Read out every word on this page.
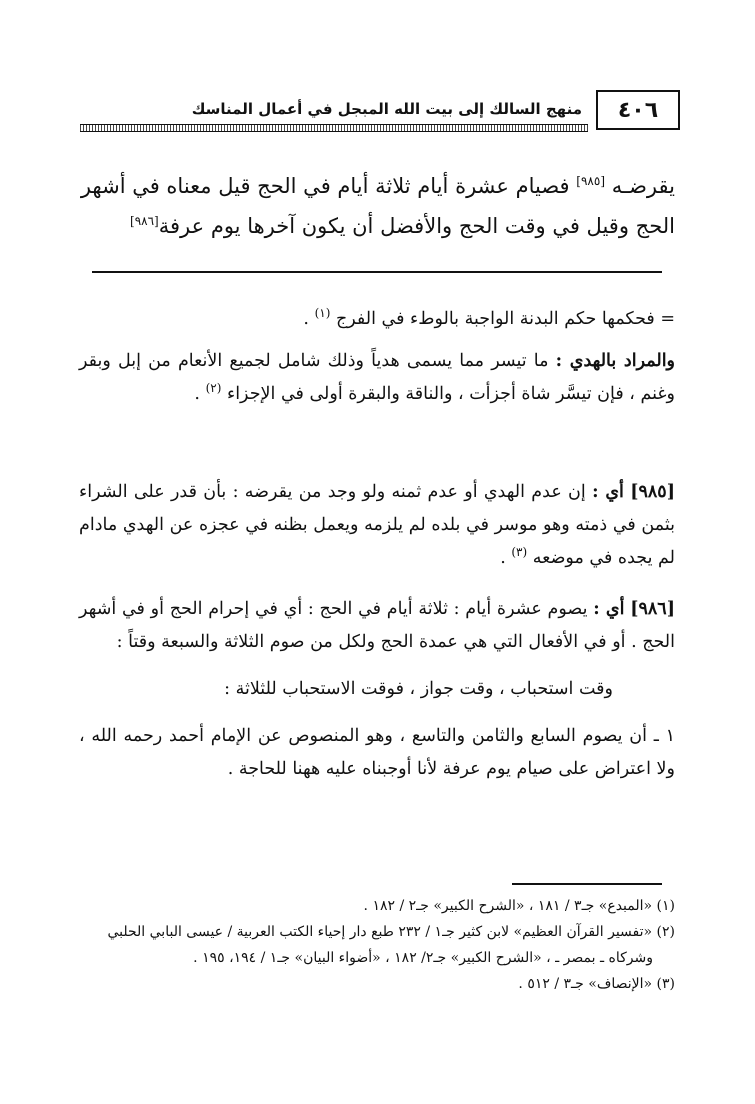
٤٠٦
منهج السالك إلى بيت الله المبجل في أعمال المناسك

يقرضـه [٩٨٥] فصيام عشرة أيام ثلاثة أيام في الحج قيل معناه في أشهر

الحج وقيل في وقت الحج والأفضل أن يكون آخرها يوم عرفة[٩٨٦]

= فحكمها حكم البدنة الواجبة بالوطء في الفرج $^{(١)}$ .

والمراد بالهدي : ما تيسر مما يسمى هدياً وذلك شامل لجميع الأنعام من إبل وبقر وغنم ، فإن تيسَّر شاة أجزأت ، والناقة والبقرة أولى في الإجزاء $^{(٢)}$ .

[٩٨٥] أي : إن عدم الهدي أو عدم ثمنه ولو وجد من يقرضه : بأن قدر على الشراء بثمن في ذمته وهو موسر في بلده لم يلزمه ويعمل بظنه في عجزه عن الهدي مادام لم يجده في موضعه $^{(٣)}$ .

[٩٨٦] أي : يصوم عشرة أيام : ثلاثة أيام في الحج : أي في إحرام الحج أو في أشهر الحج . أو في الأفعال التي هي عمدة الحج ولكل من صوم الثلاثة والسبعة وقتاً :

وقت استحباب ، وقت جواز ، فوقت الاستحباب للثلاثة :

١ ـ أن يصوم السابع والثامن والتاسع ، وهو المنصوص عن الإمام أحمد رحمه الله ، ولا اعتراض على صيام يوم عرفة لأنا أوجبناه عليه ههنا للحاجة .

(١) «المبدع» جـ٣ / ١٨١ ، «الشرح الكبير» جـ٢ / ١٨٢ .

(٢) «تفسير القرآن العظيم» لابن كثير جـ١ / ٢٣٢ طبع دار إحياء الكتب العربية / عيسى البابي الحلبي

وشركاه ـ بمصر ـ ، «الشرح الكبير» جـ٢/ ١٨٢ ، «أضواء البيان» جـ١ / ١٩٤، ١٩٥ .

(٣) «الإنصاف» جـ٣ / ٥١٢ .
